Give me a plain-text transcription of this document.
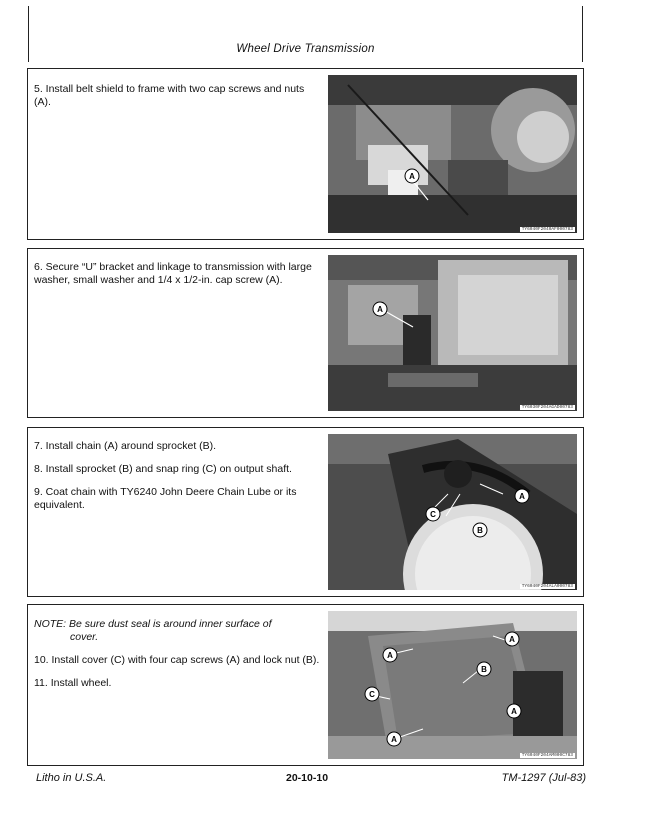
Wheel Drive Transmission

5. Install belt shield to frame with two cap screws and nuts (A).

A
TY6040F2040AF000783

6. Secure “U” bracket and linkage to transmission with large washer, small washer and 1/4 x 1/2-in. cap screw (A).

A
TY6030F204AGAD00783

7. Install chain (A) around sprocket (B).

8. Install sprocket (B) and snap ring (C) on output shaft.

9. Coat chain with TY6240 John Deere Chain Lube or its equivalent.

A
B
C
TY6040F204ALA000783

NOTE: Be sure dust seal is around inner surface of
cover.

10. Install cover (C) with four cap screws (A) and lock nut (B).

11. Install wheel.

A
A
B
C
A
A
TY6040F204AM000C783
Litho in U.S.A.	20-10-10	TM-1297 (Jul-83)
